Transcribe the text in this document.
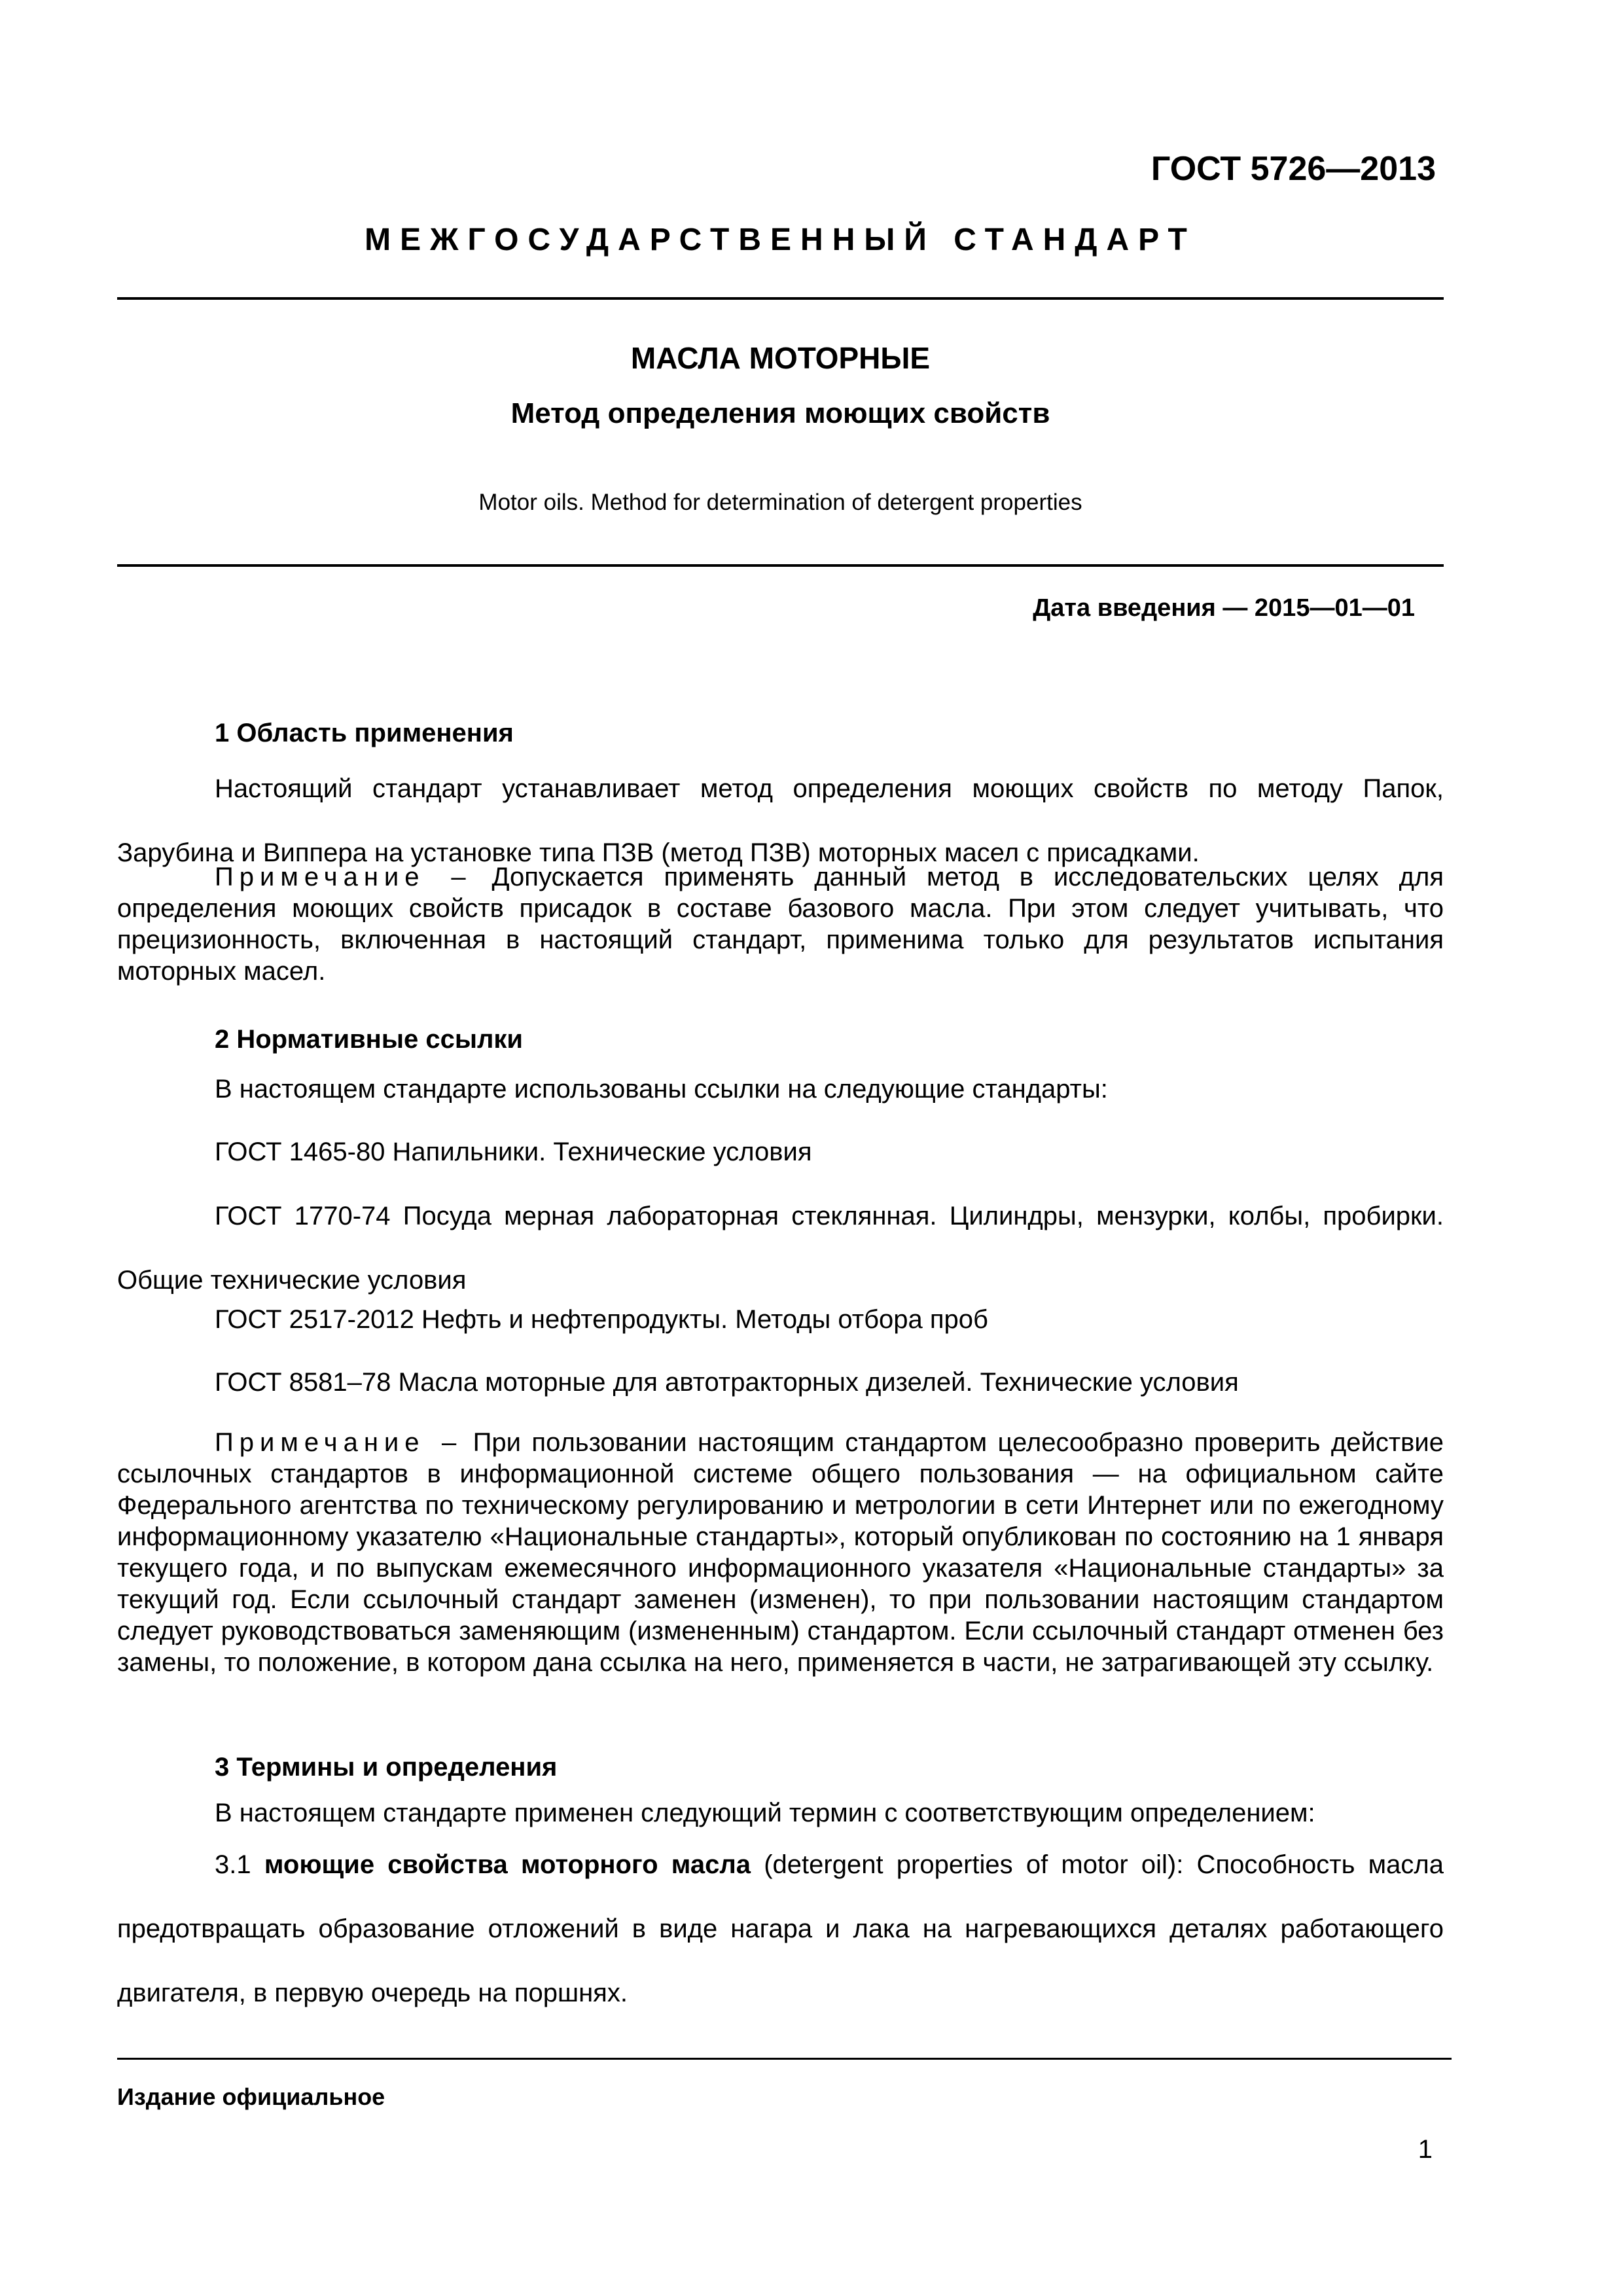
ГОСТ 5726—2013
МЕЖГОСУДАРСТВЕННЫЙ СТАНДАРТ
МАСЛА МОТОРНЫЕ
Метод определения моющих свойств
Motor oils. Method for determination of detergent properties
Дата введения — 2015—01—01
1 Область применения

Настоящий стандарт устанавливает метод определения моющих свойств по методу Папок, Зарубина и Виппера на установке типа ПЗВ (метод ПЗВ) моторных масел с присадками.

Примечание – Допускается применять данный метод в исследовательских целях для определения моющих свойств присадок в составе базового масла. При этом следует учитывать, что прецизионность, включенная в настоящий стандарт, применима только для результатов испытания моторных масел.

2 Нормативные ссылки
В настоящем стандарте использованы ссылки на следующие стандарты:
ГОСТ 1465-80 Напильники. Технические условия

ГОСТ 1770-74 Посуда мерная лабораторная стеклянная. Цилиндры, мензурки, колбы, пробирки. Общие технические условия

ГОСТ 2517-2012 Нефть и нефтепродукты. Методы отбора проб
ГОСТ 8581–78 Масла моторные для автотракторных дизелей. Технические условия

Примечание – При пользовании настоящим стандартом целесообразно проверить действие ссылочных стандартов в информационной системе общего пользования — на официальном сайте Федерального агентства по техническому регулированию и метрологии в сети Интернет или по ежегодному информационному указателю «Национальные стандарты», который опубликован по состоянию на 1 января текущего года, и по выпускам ежемесячного информационного указателя «Национальные стандарты» за текущий год. Если ссылочный стандарт заменен (изменен), то при пользовании настоящим стандартом следует руководствоваться заменяющим (измененным) стандартом. Если ссылочный стандарт отменен без замены, то положение, в котором дана ссылка на него, применяется в части, не затрагивающей эту ссылку.

3 Термины и определения
В настоящем стандарте применен следующий термин с соответствующим определением:

3.1 моющие свойства моторного масла (detergent properties of motor oil): Способность масла предотвращать образование отложений в виде нагара и лака на нагревающихся деталях работающего двигателя, в первую очередь на поршнях.

Издание официальное
1
